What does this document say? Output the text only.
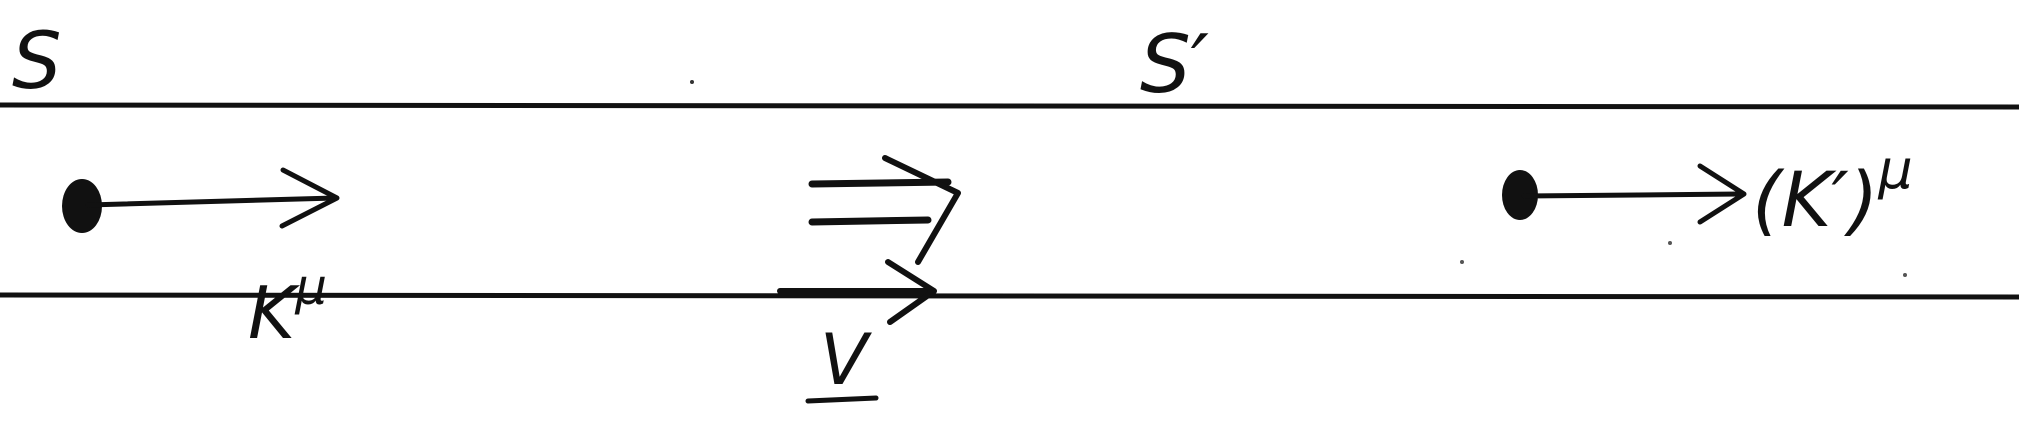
S	S′
$K^\mu$
V
$(K')^\mu$
